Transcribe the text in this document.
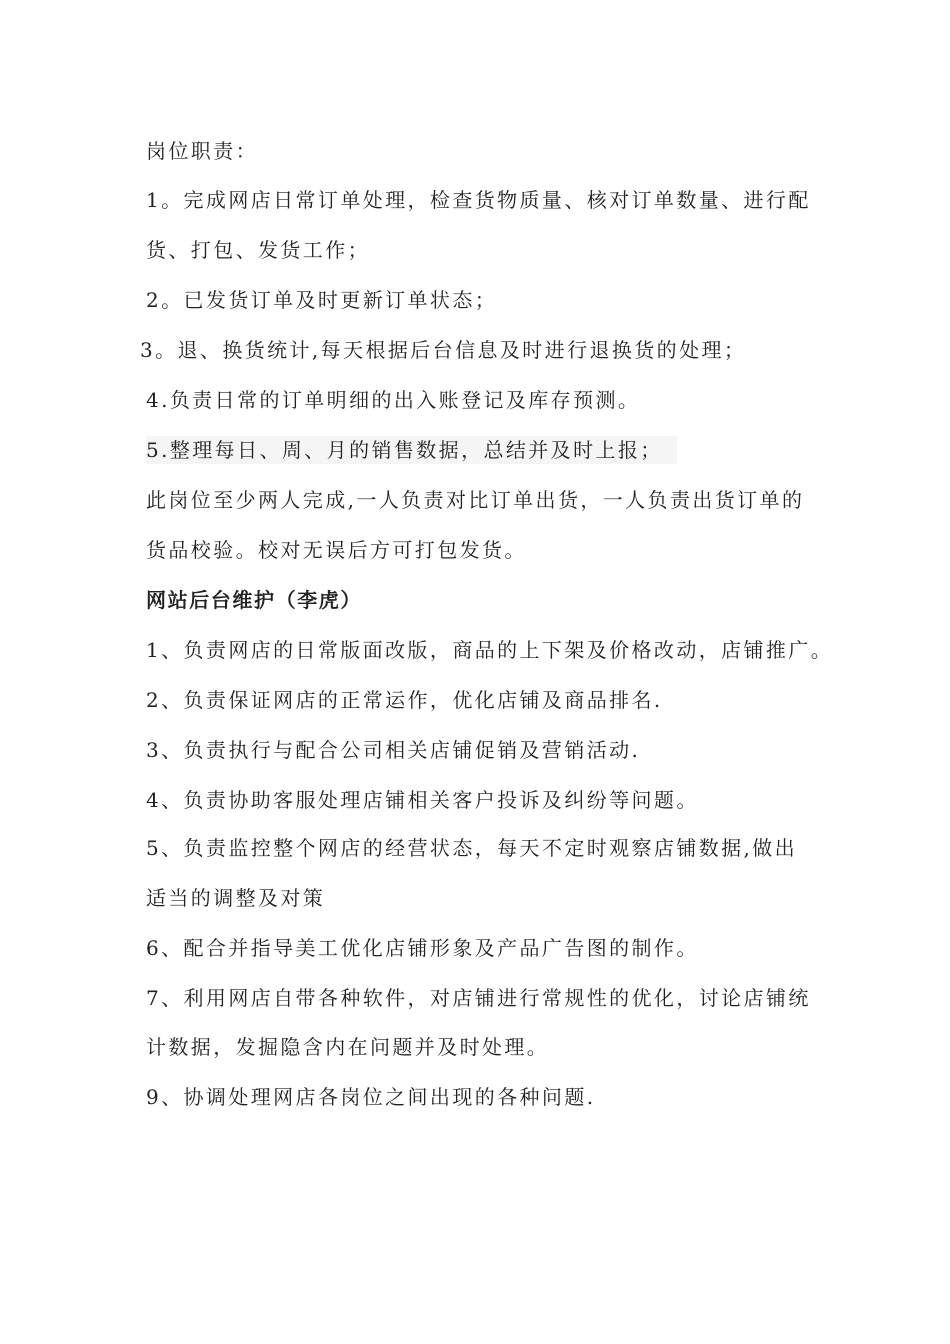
岗位职责：
1。完成网店日常订单处理，检查货物质量、核对订单数量、进行配
货、打包、发货工作；
2。已发货订单及时更新订单状态；
3。退、换货统计,每天根据后台信息及时进行退换货的处理；
4.负责日常的订单明细的出入账登记及库存预测。
5.整理每日、周、月的销售数据，总结并及时上报；
此岗位至少两人完成,一人负责对比订单出货，一人负责出货订单的
货品校验。校对无误后方可打包发货。
网站后台维护（李虎）
1、负责网店的日常版面改版，商品的上下架及价格改动，店铺推广。
2、负责保证网店的正常运作，优化店铺及商品排名.
3、负责执行与配合公司相关店铺促销及营销活动.
4、负责协助客服处理店铺相关客户投诉及纠纷等问题。
5、负责监控整个网店的经营状态，每天不定时观察店铺数据,做出
适当的调整及对策
6、配合并指导美工优化店铺形象及产品广告图的制作。
7、利用网店自带各种软件，对店铺进行常规性的优化，讨论店铺统
计数据，发掘隐含内在问题并及时处理。
9、协调处理网店各岗位之间出现的各种问题.
